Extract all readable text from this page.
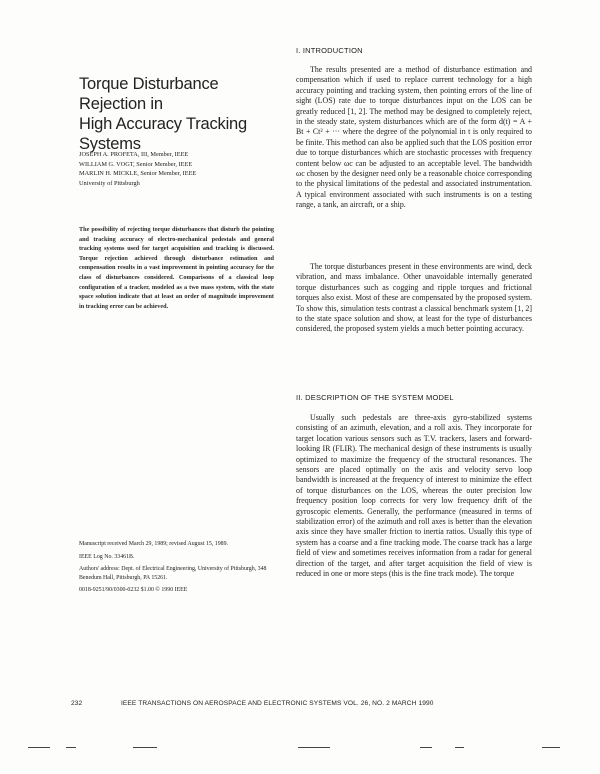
Torque Disturbance Rejection in
High Accuracy Tracking Systems
JOSEPH A. PROFETA, III, Member, IEEE
WILLIAM G. VOGT, Senior Member, IEEE
MARLIN H. MICKLE, Senior Member, IEEE
University of Pittsburgh
The possibility of rejecting torque disturbances that disturb the pointing and tracking accuracy of electro-mechanical pedestals and general tracking systems used for target acquisition and tracking is discussed. Torque rejection achieved through disturbance estimation and compensation results in a vast improvement in pointing accuracy for the class of disturbances considered. Comparisons of a classical loop configuration of a tracker, modeled as a two mass system, with the state space solution indicate that at least an order of magnitude improvement in tracking error can be achieved.

Manuscript received March 29, 1989; revised August 15, 1989.

IEEE Log No. 33461B.

Authors' address: Dept. of Electrical Engineering, University of Pittsburgh, 348 Benedum Hall, Pittsburgh, PA 15261.

0018-9251/90/0300-0232 $1.00 © 1990 IEEE

I. INTRODUCTION

The results presented are a method of disturbance estimation and compensation which if used to replace current technology for a high accuracy pointing and tracking system, then pointing errors of the line of sight (LOS) rate due to torque disturbances input on the LOS can be greatly reduced [1, 2]. The method may be designed to completely reject, in the steady state, system disturbances which are of the form d(t) = A + Bt + Ct² + ··· where the degree of the polynomial in t is only required to be finite. This method can also be applied such that the LOS position error due to torque disturbances which are stochastic processes with frequency content below ωc can be adjusted to an acceptable level. The bandwidth ωc chosen by the designer need only be a reasonable choice corresponding to the physical limitations of the pedestal and associated instrumentation. A typical environment associated with such instruments is on a testing range, a tank, an aircraft, or a ship.

The torque disturbances present in these environments are wind, deck vibration, and mass imbalance. Other unavoidable internally generated torque disturbances such as cogging and ripple torques and frictional torques also exist. Most of these are compensated by the proposed system. To show this, simulation tests contrast a classical benchmark system [1, 2] to the state space solution and show, at least for the type of disturbances considered, the proposed system yields a much better pointing accuracy.

II. DESCRIPTION OF THE SYSTEM MODEL

Usually such pedestals are three-axis gyro-stabilized systems consisting of an azimuth, elevation, and a roll axis. They incorporate for target location various sensors such as T.V. trackers, lasers and forward-looking IR (FLIR). The mechanical design of these instruments is usually optimized to maximize the frequency of the structural resonances. The sensors are placed optimally on the axis and velocity servo loop bandwidth is increased at the frequency of interest to minimize the effect of torque disturbances on the LOS, whereas the outer precision low frequency position loop corrects for very low frequency drift of the gyroscopic elements. Generally, the performance (measured in terms of stabilization error) of the azimuth and roll axes is better than the elevation axis since they have smaller friction to inertia ratios. Usually this type of system has a coarse and a fine tracking mode. The coarse track has a large field of view and sometimes receives information from a radar for general direction of the target, and after target acquisition the field of view is reduced in one or more steps (this is the fine track mode). The torque

232	IEEE TRANSACTIONS ON AEROSPACE AND ELECTRONIC SYSTEMS VOL. 26, NO. 2 MARCH 1990
